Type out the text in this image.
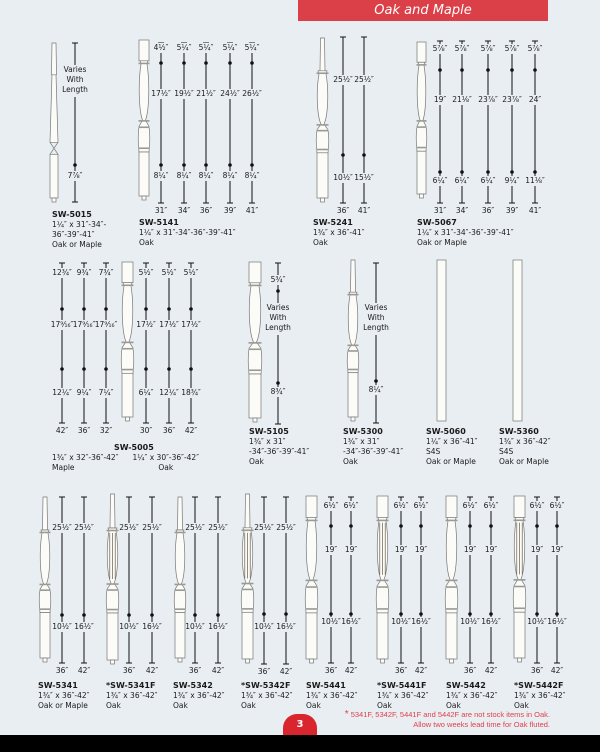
Oak and Maple
Varies With Length
7⅞″
4½″
17½″
8¼″
31″
5¼″
19½″
8¼″
34″
5¼″
21½″
8¼″
36″
5¼″
24½″
8¼″
39″
5¼″
26½″
8¼″
41″
25½″
10½″
36″
25½″
15½″
41″
5⅞″
19″
6¼″
31″
5⅞″
21⅛″
6¼″
34″
5⅞″
23⅞″
6¼″
36″
5⅞″
23⅞″
9¼″
39″
5⅞″
24″
11⅛″
41″
12¾″
17⁹⁄₁₆″
12¼″
42″
9¾″
17⁹⁄₁₆″
9¼″
36″
7¾″
17⁹⁄₁₆″
7¼″
32″
5½″
17½″
6¼″
30″
5½″
17½″
12¼″
36″
5½″
17½″
18¾″
42″
5¾″
Varies With Length
8¾″
Varies With Length
8¼″
25½″
10½″
36″
25½″
16½″
42″
25½″
10½″
36″
25½″
16½″
42″
25½″
10½″
36″
25½″
16½″
42″
25½″
10½″
36″
25½″
16½″
42″
6½″
19″
10½″
36″
6½″
19″
16½″
42″
6½″
19″
10½″
36″
6½″
19″
16½″
42″
6½″
19″
10½″
36″
6½″
19″
16½″
42″
6½″
19″
10½″
36″
6½″
19″
16½″
42″
SW-5015
1¼″ x 31″-34″-
36″-39″-41″
Oak or Maple
SW-5141
1¼″ x 31″-34″-36″-39″-41″
Oak
SW-5241
1¾″ x 36″-41″
Oak
SW-5067
1¼″ x 31″-34″-36″-39″-41″
Oak or Maple
SW-5005
1¾″ x 32″-36″-42″
Maple
1¼″ x 30″-36″-42″
Oak
SW-5105
1¾″ x 31″
-34″-36″-39″-41″
Oak
SW-5300
1¾″ x 31″
-34″-36″-39″-41″
Oak
SW-5060
1¼″ x 36″-41″
S4S
Oak or Maple
SW-5360
1¾″ x 36″-42″
S4S
Oak or Maple
SW-5341
1¾″ x 36″-42″
Oak or Maple
*SW-5341F
1¾″ x 36″-42″
Oak
SW-5342
1¾″ x 36″-42″
Oak
*SW-5342F
1¾″ x 36″-42″
Oak
SW-5441
1¾″ x 36″-42″
Oak
*SW-5441F
1¾″ x 36″-42″
Oak
SW-5442
1¾″ x 36″-42″
Oak
*SW-5442F
1¾″ x 36″-42″
Oak
3
* 5341F, 5342F, 5441F and 5442F are not stock items in Oak.
Allow two weeks lead time for Oak fluted.
